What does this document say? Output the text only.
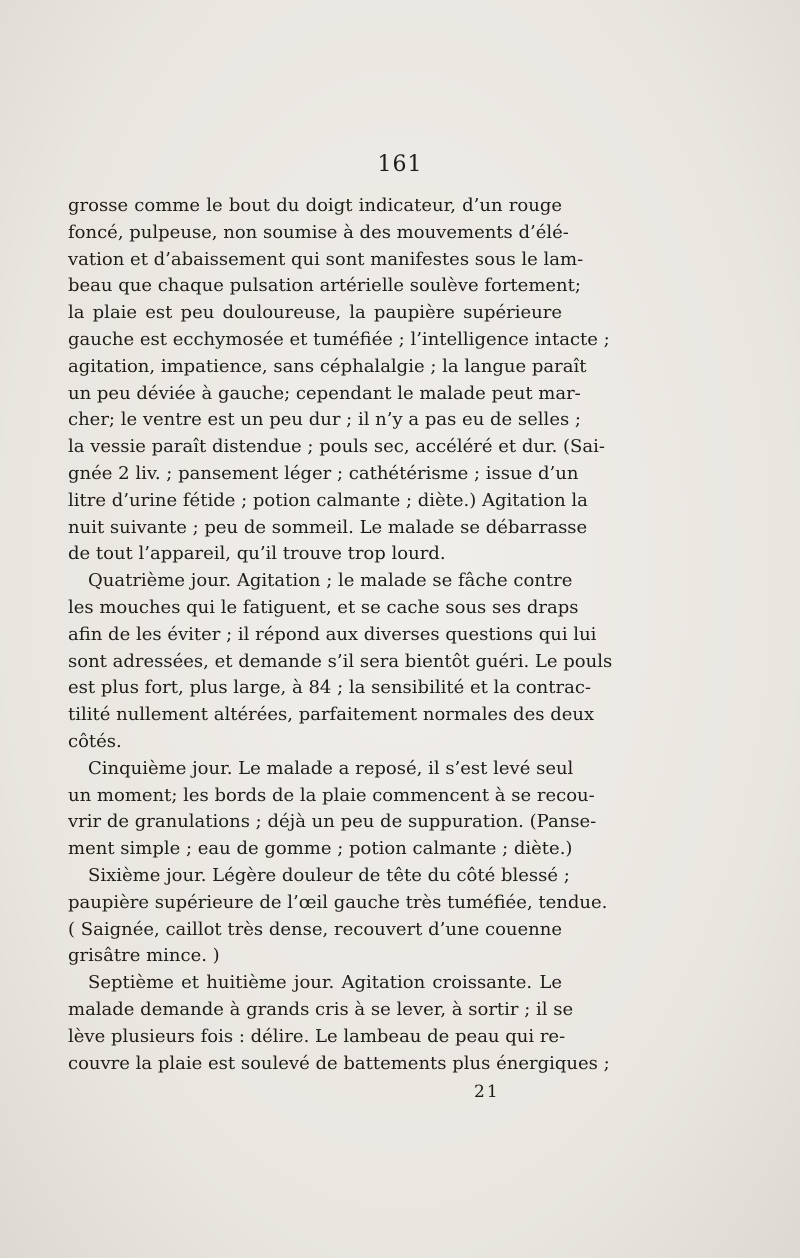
161
grosse comme le bout du doigt indicateur, d’un rouge
foncé, pulpeuse, non soumise à des mouvements d’élé-
vation et d’abaissement qui sont manifestes sous le lam-
beau que chaque pulsation artérielle soulève fortement;
la plaie est peu douloureuse, la paupière supérieure
gauche est ecchymosée et tuméfiée ; l’intelligence intacte ;
agitation, impatience, sans céphalalgie ; la langue paraît
un peu déviée à gauche; cependant le malade peut mar-
cher; le ventre est un peu dur ; il n’y a pas eu de selles ;
la vessie paraît distendue ; pouls sec, accéléré et dur. (Sai-
gnée 2 liv. ; pansement léger ; cathétérisme ; issue d’un
litre d’urine fétide ; potion calmante ; diète.) Agitation la
nuit suivante ; peu de sommeil. Le malade se débarrasse
de tout l’appareil, qu’il trouve trop lourd.
Quatrième jour. Agitation ; le malade se fâche contre
les mouches qui le fatiguent, et se cache sous ses draps
afin de les éviter ; il répond aux diverses questions qui lui
sont adressées, et demande s’il sera bientôt guéri. Le pouls
est plus fort, plus large, à 84 ; la sensibilité et la contrac-
tilité nullement altérées, parfaitement normales des deux
côtés.
Cinquième jour. Le malade a reposé, il s’est levé seul
un moment; les bords de la plaie commencent à se recou-
vrir de granulations ; déjà un peu de suppuration. (Panse-
ment simple ; eau de gomme ; potion calmante ; diète.)
Sixième jour. Légère douleur de tête du côté blessé ;
paupière supérieure de l’œil gauche très tuméfiée, tendue.
( Saignée, caillot très dense, recouvert d’une couenne
grisâtre mince. )
Septième et huitième jour. Agitation croissante. Le
malade demande à grands cris à se lever, à sortir ; il se
lève plusieurs fois : délire. Le lambeau de peau qui re-
couvre la plaie est soulevé de battements plus énergiques ;
21
